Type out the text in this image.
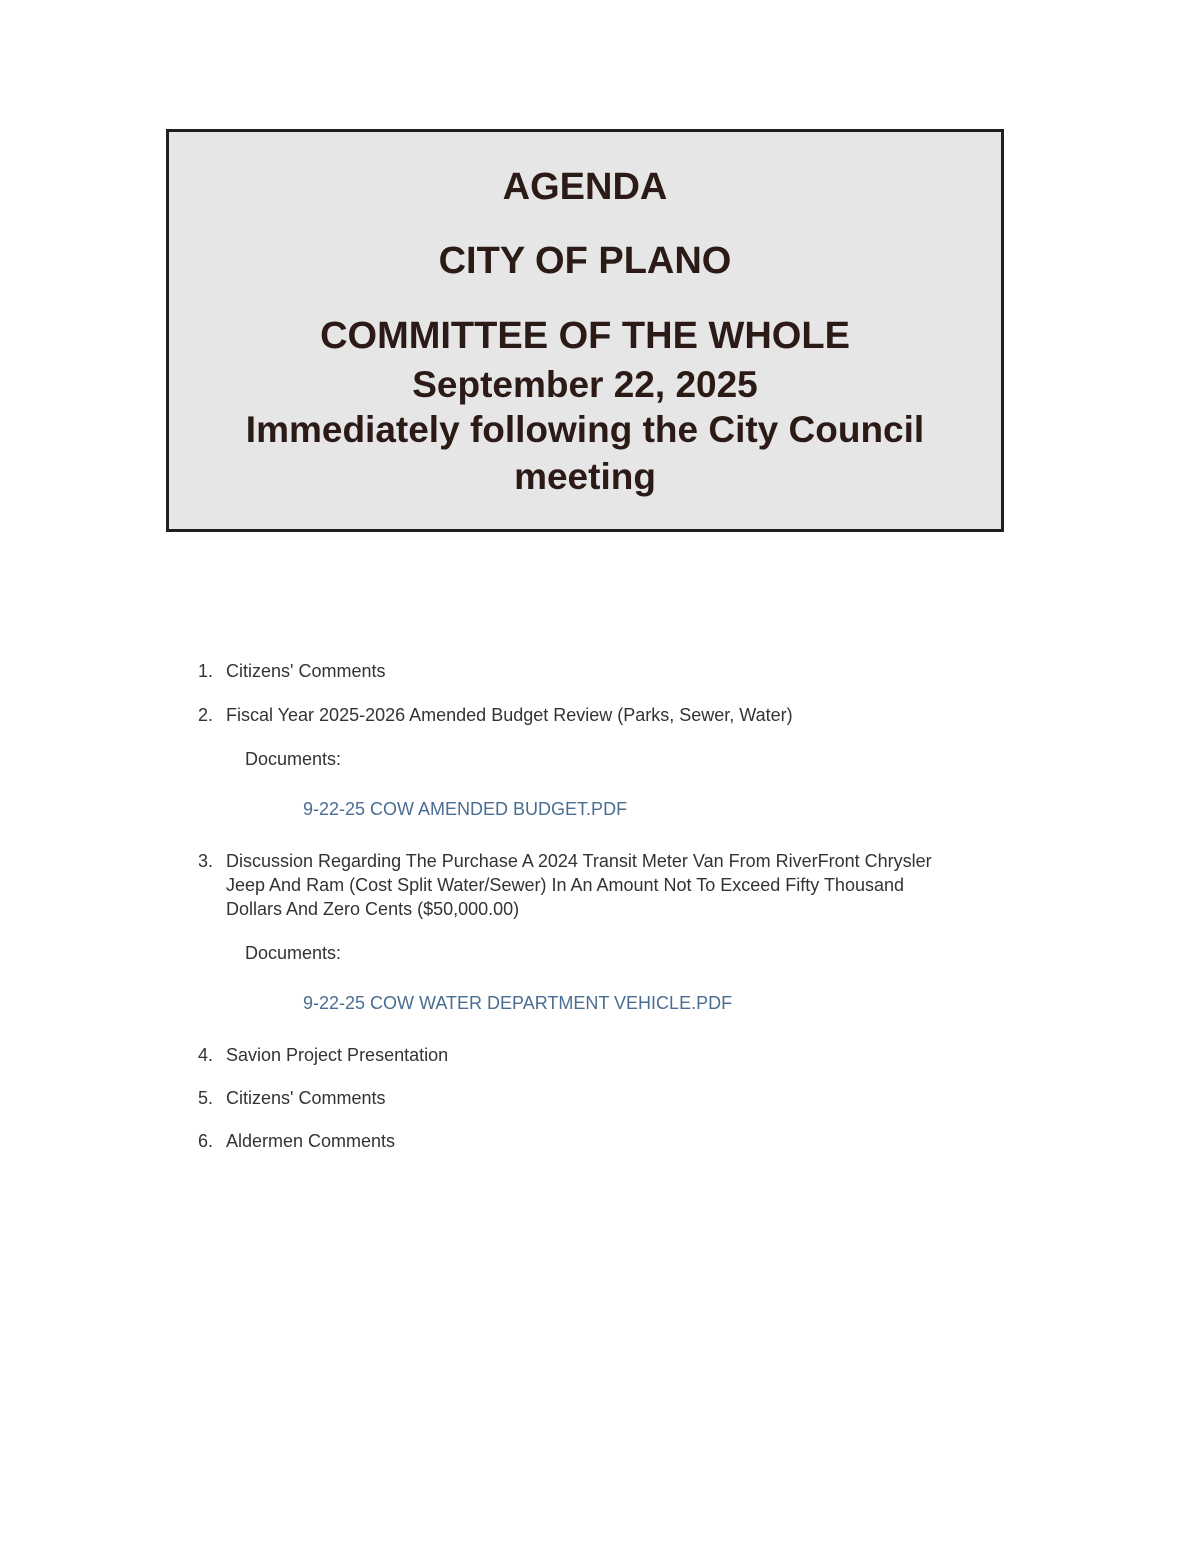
AGENDA
CITY OF PLANO
COMMITTEE OF THE WHOLE
September 22, 2025
Immediately following the City Council
meeting
1. Citizens' Comments
2. Fiscal Year 2025-2026 Amended Budget Review (Parks, Sewer, Water)
Documents:
9-22-25 COW AMENDED BUDGET.PDF
3. Discussion Regarding The Purchase A 2024 Transit Meter Van From RiverFront Chrysler
Jeep And Ram (Cost Split Water/Sewer) In An Amount Not To Exceed Fifty Thousand
Dollars And Zero Cents ($50,000.00)
Documents:
9-22-25 COW WATER DEPARTMENT VEHICLE.PDF
4. Savion Project Presentation
5. Citizens' Comments
6. Aldermen Comments
